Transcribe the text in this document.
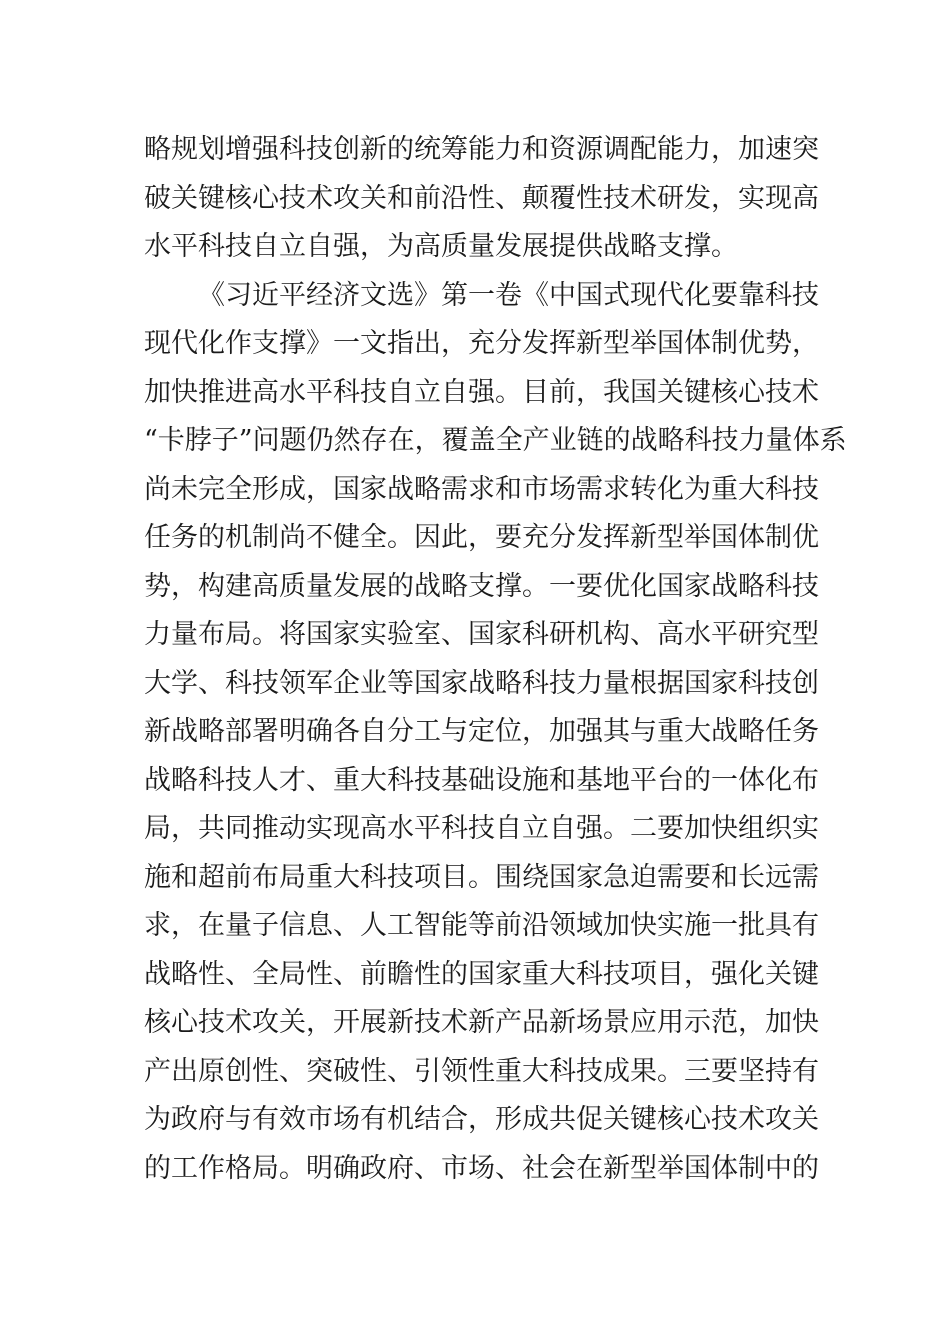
略规划增强科技创新的统筹能力和资源调配能力，加速突
破关键核心技术攻关和前沿性、颠覆性技术研发，实现高
水平科技自立自强，为高质量发展提供战略支撑。
《习近平经济文选》第一卷《中国式现代化要靠科技
现代化作支撑》一文指出，充分发挥新型举国体制优势，
加快推进高水平科技自立自强。目前，我国关键核心技术
“卡脖子”问题仍然存在，覆盖全产业链的战略科技力量体系
尚未完全形成，国家战略需求和市场需求转化为重大科技
任务的机制尚不健全。因此，要充分发挥新型举国体制优
势，构建高质量发展的战略支撑。一要优化国家战略科技
力量布局。将国家实验室、国家科研机构、高水平研究型
大学、科技领军企业等国家战略科技力量根据国家科技创
新战略部署明确各自分工与定位，加强其与重大战略任务
战略科技人才、重大科技基础设施和基地平台的一体化布
局，共同推动实现高水平科技自立自强。二要加快组织实
施和超前布局重大科技项目。围绕国家急迫需要和长远需
求，在量子信息、人工智能等前沿领域加快实施一批具有
战略性、全局性、前瞻性的国家重大科技项目，强化关键
核心技术攻关，开展新技术新产品新场景应用示范，加快
产出原创性、突破性、引领性重大科技成果。三要坚持有
为政府与有效市场有机结合，形成共促关键核心技术攻关
的工作格局。明确政府、市场、社会在新型举国体制中的
